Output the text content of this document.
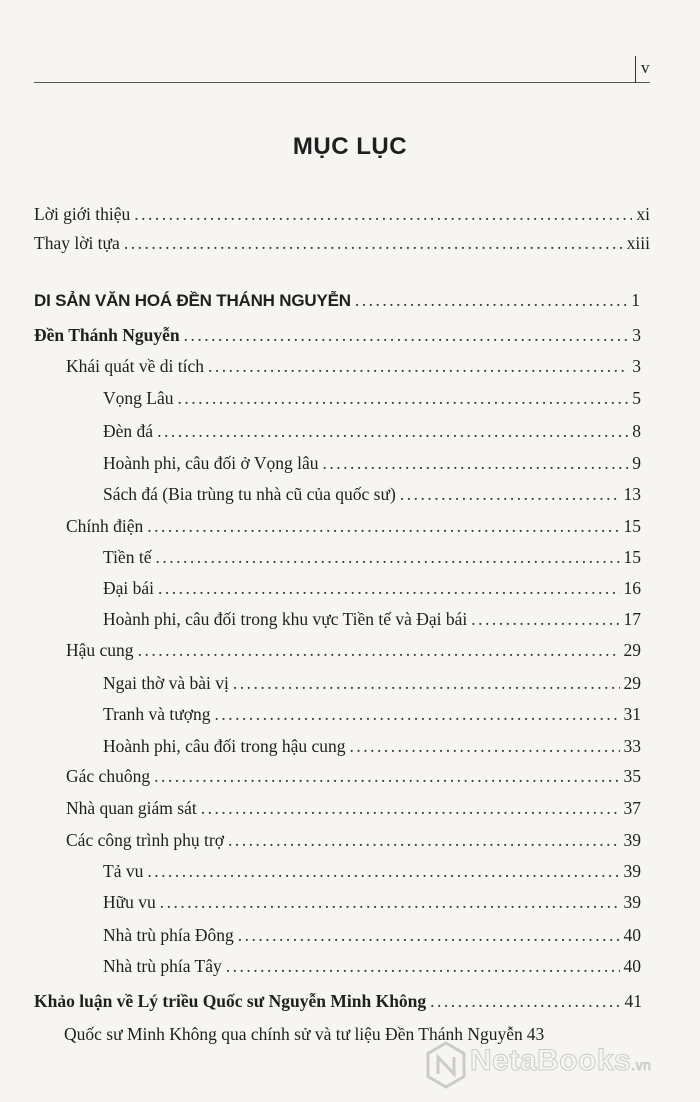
v
MỤC LỤC
Lời giới thiệu .....	xi
Thay lời tựa .....	xiii
DI SẢN VĂN HOÁ ĐỀN THÁNH NGUYỄN .....	1
Đền Thánh Nguyễn .....	3
Khái quát về di tích .....	3
Vọng Lâu .....	5
Đèn đá .....	8
Hoành phi, câu đối ở Vọng lâu .....	9
Sách đá (Bia trùng tu nhà cũ của quốc sư) .....	13
Chính điện .....	15
Tiền tế .....	15
Đại bái .....	16
Hoành phi, câu đối trong khu vực Tiền tế và Đại bái .....	17
Hậu cung .....	29
Ngai thờ và bài vị .....	29
Tranh và tượng .....	31
Hoành phi, câu đối trong hậu cung .....	33
Gác chuông .....	35
Nhà quan giám sát .....	37
Các công trình phụ trợ .....	39
Tả vu .....	39
Hữu vu .....	39
Nhà trù phía Đông .....	40
Nhà trù phía Tây .....	40
Khảo luận về Lý triều Quốc sư Nguyễn Minh Không .....	41
Quốc sư Minh Không qua chính sử và tư liệu Đền Thánh Nguyễn 43
NetaBooks.vn
